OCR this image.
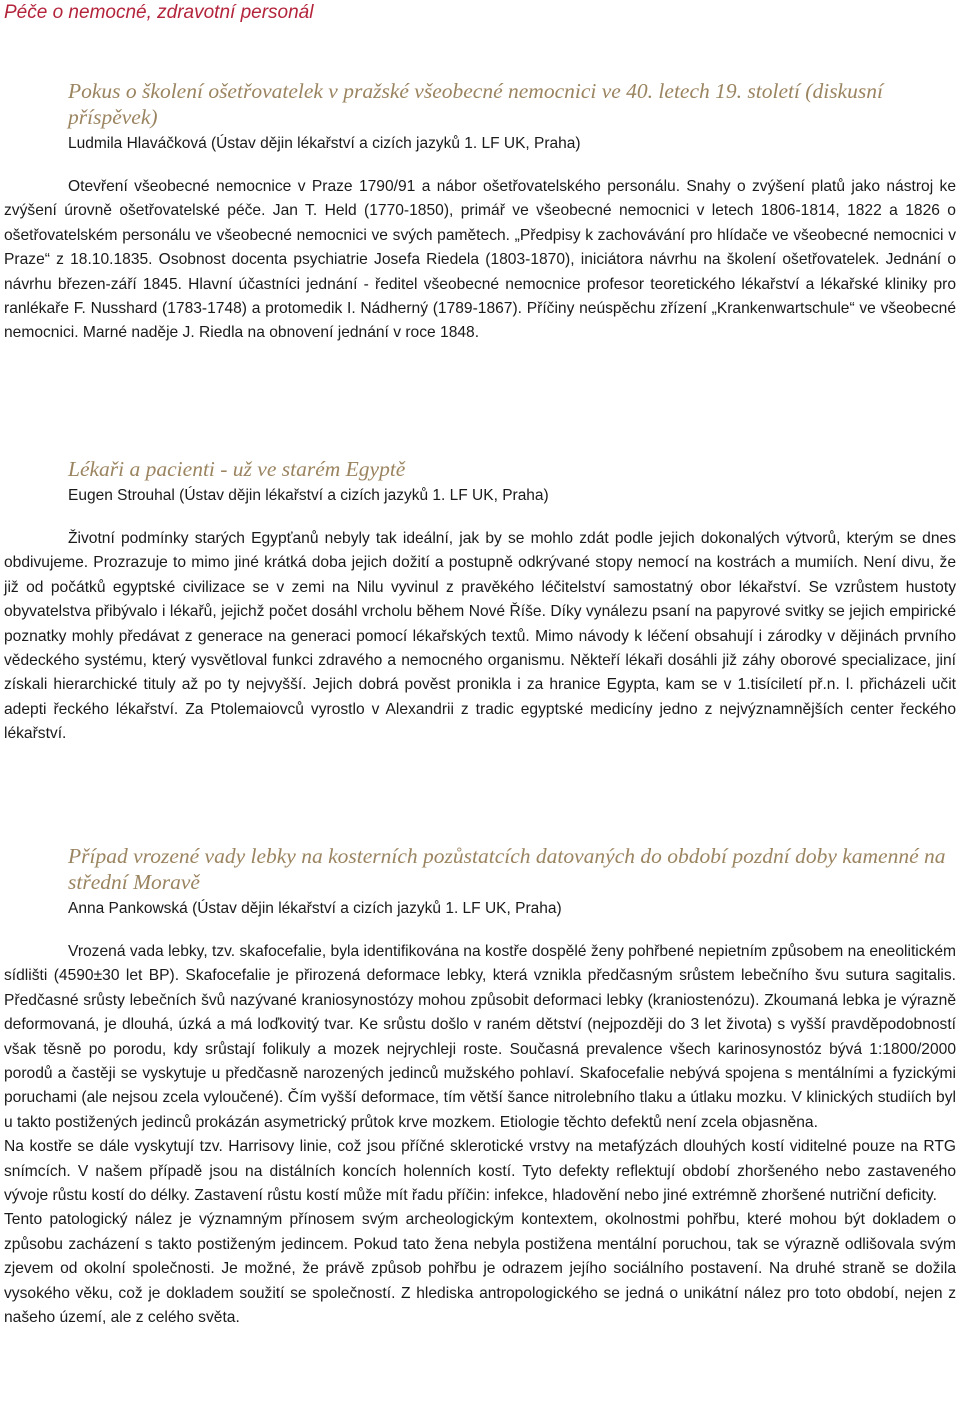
Péče o nemocné, zdravotní personál
Pokus o školení ošetřovatelek v pražské všeobecné nemocnici ve 40. letech 19. století (diskusní příspěvek)
Ludmila Hlaváčková (Ústav dějin lékařství a cizích jazyků 1. LF UK, Praha)

Otevření všeobecné nemocnice v Praze 1790/91 a nábor ošetřovatelského personálu. Snahy o zvýšení platů jako nástroj ke zvýšení úrovně ošetřovatelské péče. Jan T. Held (1770-1850), primář ve všeobecné nemocnici v letech 1806-1814, 1822 a 1826 o ošetřovatelském personálu ve všeobecné nemocnici ve svých pamětech. „Předpisy k zachovávání pro hlídače ve všeobecné nemocnici v Praze“ z 18.10.1835. Osobnost docenta psychiatrie Josefa Riedela (1803-1870), iniciátora návrhu na školení ošetřovatelek. Jednání o návrhu březen-září 1845. Hlavní účastníci jednání - ředitel všeobecné nemocnice profesor teoretického lékařství a lékařské kliniky pro ranlékaře F. Nusshard (1783-1748) a protomedik I. Nádherný (1789-1867). Příčiny neúspěchu zřízení „Krankenwartschule“ ve všeobecné nemocnici. Marné naděje J. Riedla na obnovení jednání v roce 1848.

Lékaři a pacienti - už ve starém Egyptě
Eugen Strouhal (Ústav dějin lékařství a cizích jazyků 1. LF UK, Praha)

Životní podmínky starých Egypťanů nebyly tak ideální, jak by se mohlo zdát podle jejich dokonalých výtvorů, kterým se dnes obdivujeme. Prozrazuje to mimo jiné krátká doba jejich dožití a postupně odkrývané stopy nemocí na kostrách a mumiích. Není divu, že již od počátků egyptské civilizace se v zemi na Nilu vyvinul z pravěkého léčitelství samostatný obor lékařství. Se vzrůstem hustoty obyvatelstva přibývalo i lékařů, jejichž počet dosáhl vrcholu během Nové Říše. Díky vynálezu psaní na papyrové svitky se jejich empirické poznatky mohly předávat z generace na generaci pomocí lékařských textů. Mimo návody k léčení obsahují i zárodky v dějinách prvního vědeckého systému, který vysvětloval funkci zdravého a nemocného organismu. Někteří lékaři dosáhli již záhy oborové specializace, jiní získali hierarchické tituly až po ty nejvyšší. Jejich dobrá pověst pronikla i za hranice Egypta, kam se v 1.tisíciletí př.n. l. přicházeli učit adepti řeckého lékařství. Za Ptolemaiovců vyrostlo v Alexandrii z tradic egyptské medicíny jedno z nejvýznamnějších center řeckého lékařství.

Případ vrozené vady lebky na kosterních pozůstatcích datovaných do období pozdní doby kamenné na střední Moravě
Anna Pankowská (Ústav dějin lékařství a cizích jazyků 1. LF UK, Praha)

Vrozená vada lebky, tzv. skafocefalie, byla identifikována na kostře dospělé ženy pohřbené nepietním způsobem na eneolitickém sídlišti (4590±30 let BP). Skafocefalie je přirozená deformace lebky, která vznikla předčasným srůstem lebečního švu sutura sagitalis. Předčasné srůsty lebečních švů nazývané kraniosynostózy mohou způsobit deformaci lebky (kraniostenózu). Zkoumaná lebka je výrazně deformovaná, je dlouhá, úzká a má loďkovitý tvar. Ke srůstu došlo v raném dětství (nejpozději do 3 let života) s vyšší pravděpodobností však těsně po porodu, kdy srůstají folikuly a mozek nejrychleji roste. Současná prevalence všech karinosynostóz bývá 1:1800/2000 porodů a častěji se vyskytuje u předčasně narozených jedinců mužského pohlaví. Skafocefalie nebývá spojena s mentálními a fyzickými poruchami (ale nejsou zcela vyloučené). Čím vyšší deformace, tím větší šance nitrolebního tlaku a útlaku mozku. V klinických studiích byl u takto postižených jedinců prokázán asymetrický průtok krve mozkem. Etiologie těchto defektů není zcela objasněna.

Na kostře se dále vyskytují tzv. Harrisovy linie, což jsou příčné sklerotické vrstvy na metafýzách dlouhých kostí viditelné pouze na RTG snímcích. V našem případě jsou na distálních koncích holenních kostí. Tyto defekty reflektují období zhoršeného nebo zastaveného vývoje růstu kostí do délky. Zastavení růstu kostí může mít řadu příčin: infekce, hladovění nebo jiné extrémně zhoršené nutriční deficity.

Tento patologický nález je významným přínosem svým archeologickým kontextem, okolnostmi pohřbu, které mohou být dokladem o způsobu zacházení s takto postiženým jedincem. Pokud tato žena nebyla postižena mentální poruchou, tak se výrazně odlišovala svým zjevem od okolní společnosti. Je možné, že právě způsob pohřbu je odrazem jejího sociálního postavení. Na druhé straně se dožila vysokého věku, což je dokladem soužití se společností. Z hlediska antropologického se jedná o unikátní nález pro toto období, nejen z našeho území, ale z celého světa.
